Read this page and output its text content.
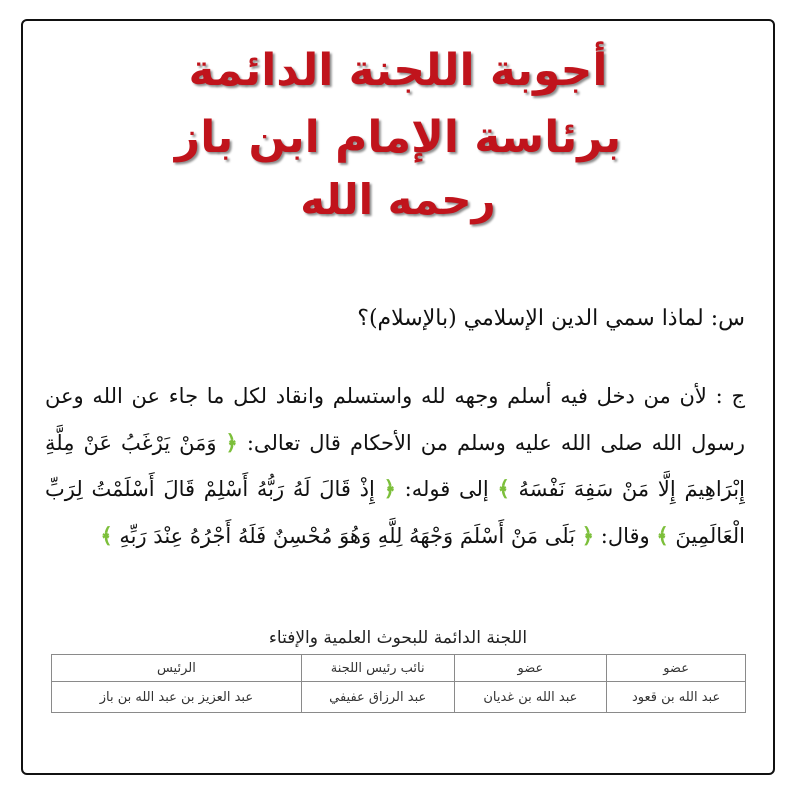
أجوبة اللجنة الدائمة
برئاسة الإمام ابن باز
رحمه الله
س: لماذا سمي الدين الإسلامي (بالإسلام)؟
ج : لأن من دخل فيه أسلم وجهه لله واستسلم وانقاد لكل ما جاء عن الله وعن رسول الله صلى الله عليه وسلم من الأحكام قال تعالى: ﴿ وَمَنْ يَرْغَبُ عَنْ مِلَّةِ إِبْرَاهِيمَ إِلَّا مَنْ سَفِهَ نَفْسَهُ ﴾ إلى قوله: ﴿ إِذْ قَالَ لَهُ رَبُّهُ أَسْلِمْ قَالَ أَسْلَمْتُ لِرَبِّ الْعَالَمِينَ ﴾ وقال: ﴿ بَلَى مَنْ أَسْلَمَ وَجْهَهُ لِلَّهِ وَهُوَ مُحْسِنٌ فَلَهُ أَجْرُهُ عِنْدَ رَبِّهِ ﴾
اللجنة الدائمة للبحوث العلمية والإفتاء
عضو	عضو	نائب رئيس اللجنة	الرئيس
عبد الله بن قعود	عبد الله بن غديان	عبد الرزاق عفيفي	عبد العزيز بن عبد الله بن باز
